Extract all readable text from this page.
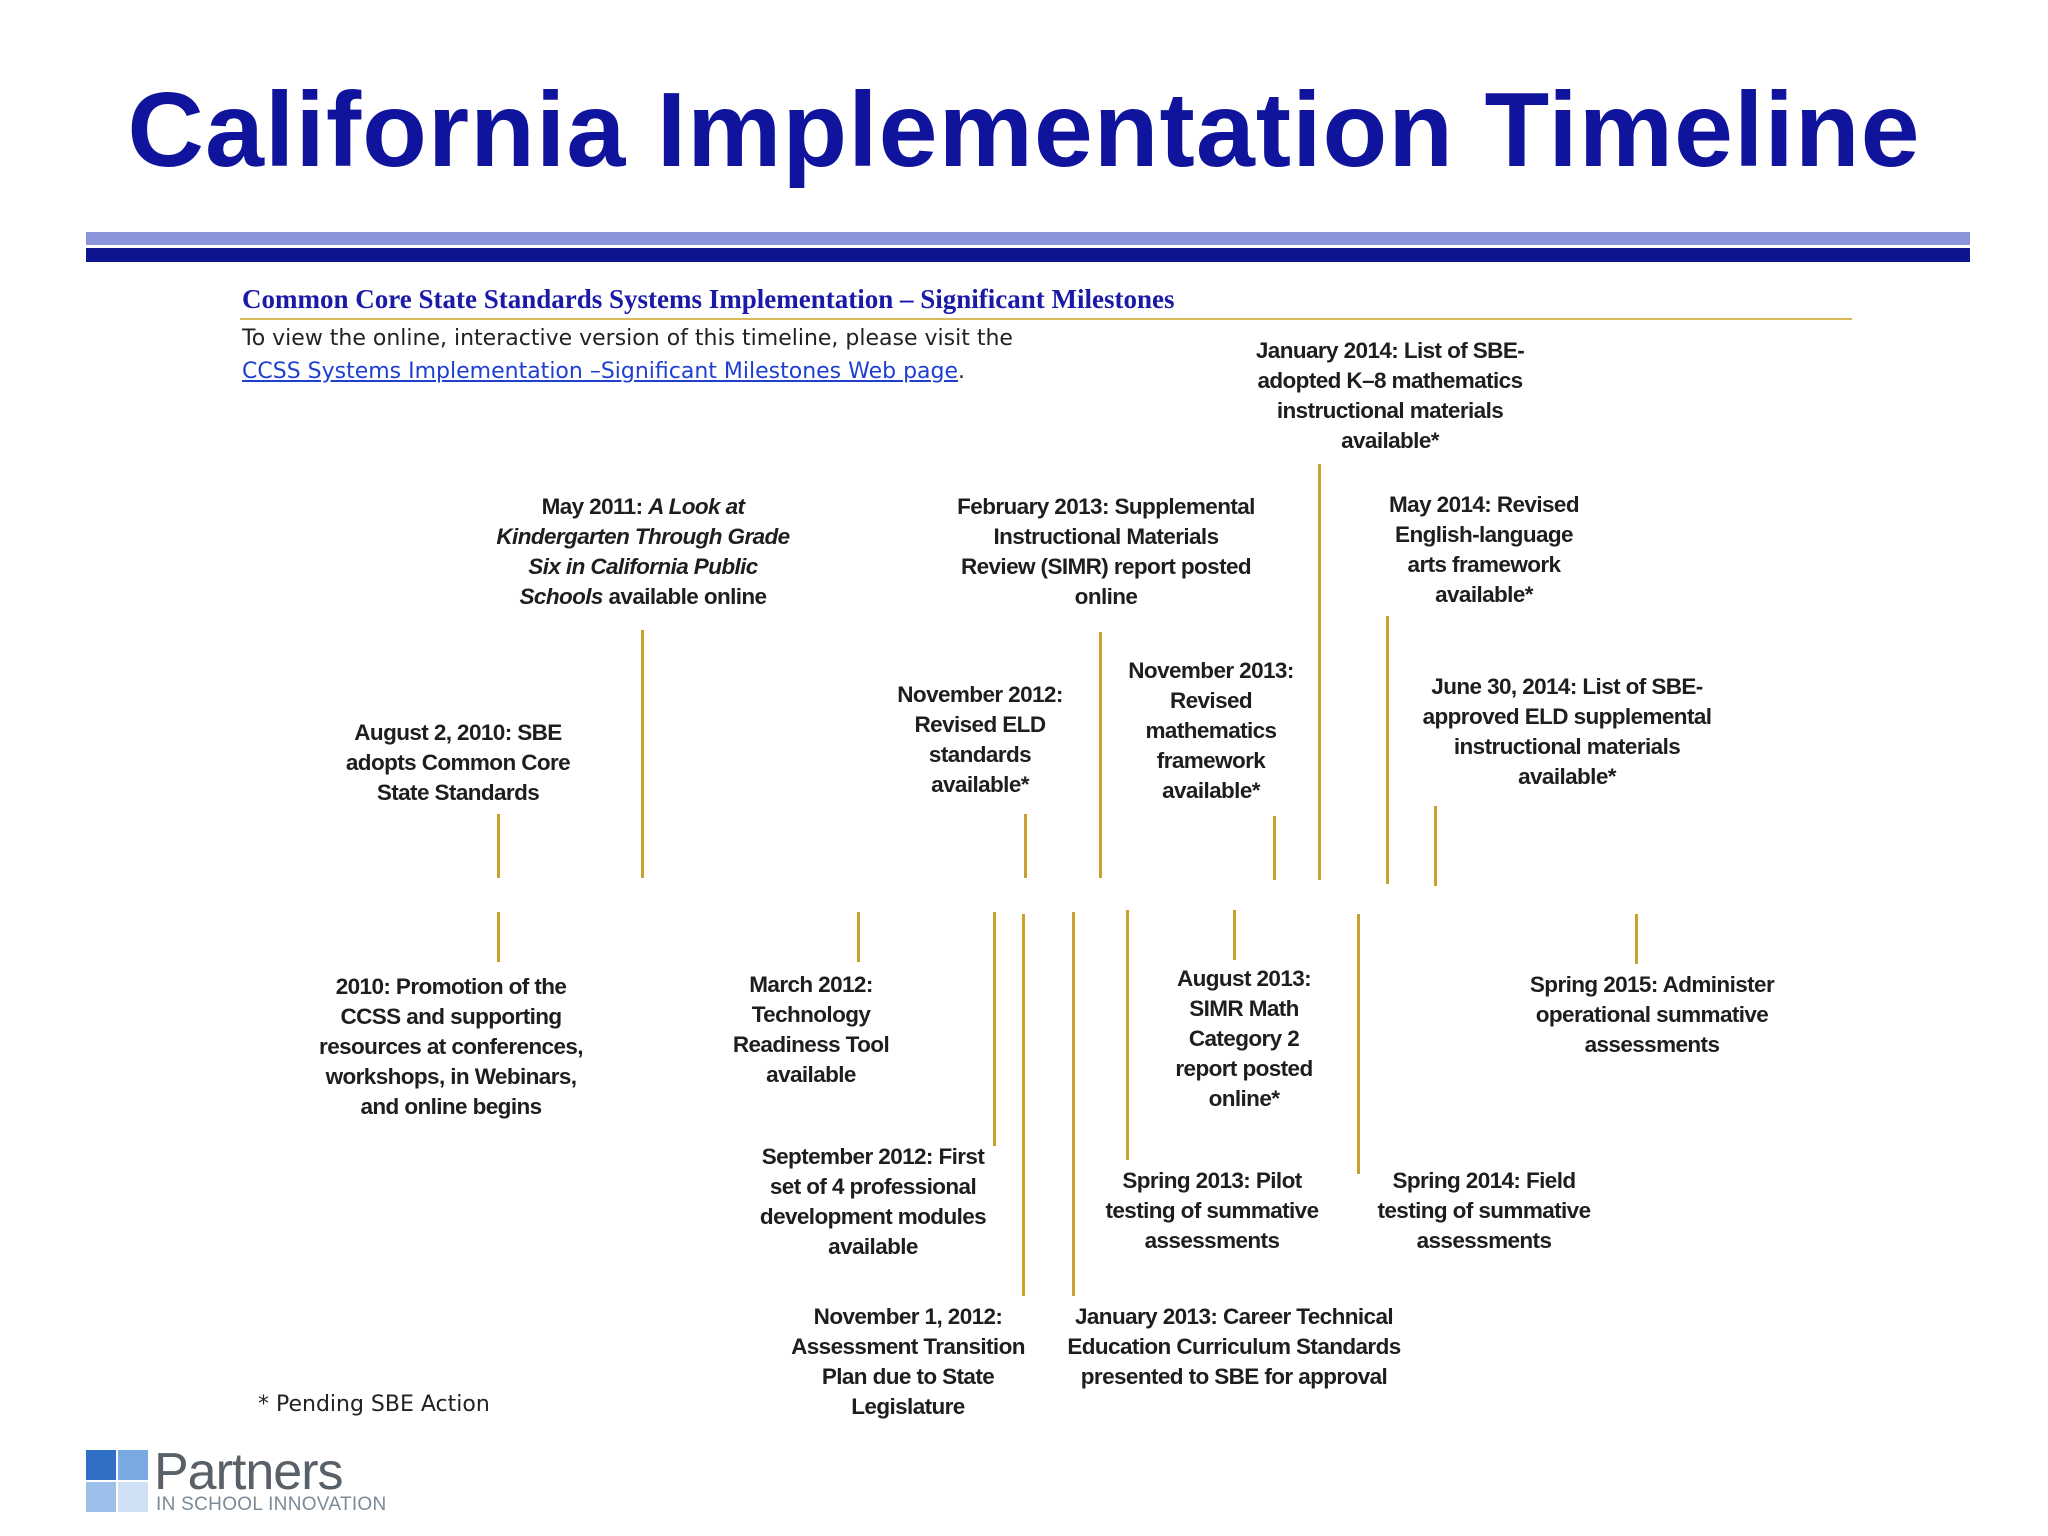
California Implementation Timeline
Common Core State Standards Systems Implementation – Significant Milestones
To view the online, interactive version of this timeline, please visit the
CCSS Systems Implementation –Significant Milestones Web page.
August 2, 2010: SBE adopts Common Core State Standards
May 2011: A Look at Kindergarten Through Grade Six in California Public Schools available online
November 2012: Revised ELD standards available*
February 2013: Supplemental Instructional Materials Review (SIMR) report posted online
November 2013: Revised mathematics framework available*
January 2014: List of SBE-adopted K–8 mathematics instructional materials available*
May 2014: Revised English-language arts framework available*
June 30, 2014: List of SBE-approved ELD supplemental instructional materials available*
2010: Promotion of the CCSS and supporting resources at conferences, workshops, in Webinars, and online begins
March 2012: Technology Readiness Tool available
September 2012: First set of 4 professional development modules available
November 1, 2012: Assessment Transition Plan due to State Legislature
January 2013: Career Technical Education Curriculum Standards presented to SBE for approval
Spring 2013: Pilot testing of summative assessments
August 2013: SIMR Math Category 2 report posted online*
Spring 2014: Field testing of summative assessments
Spring 2015: Administer operational summative assessments
* Pending SBE Action
Partners
IN SCHOOL INNOVATION
